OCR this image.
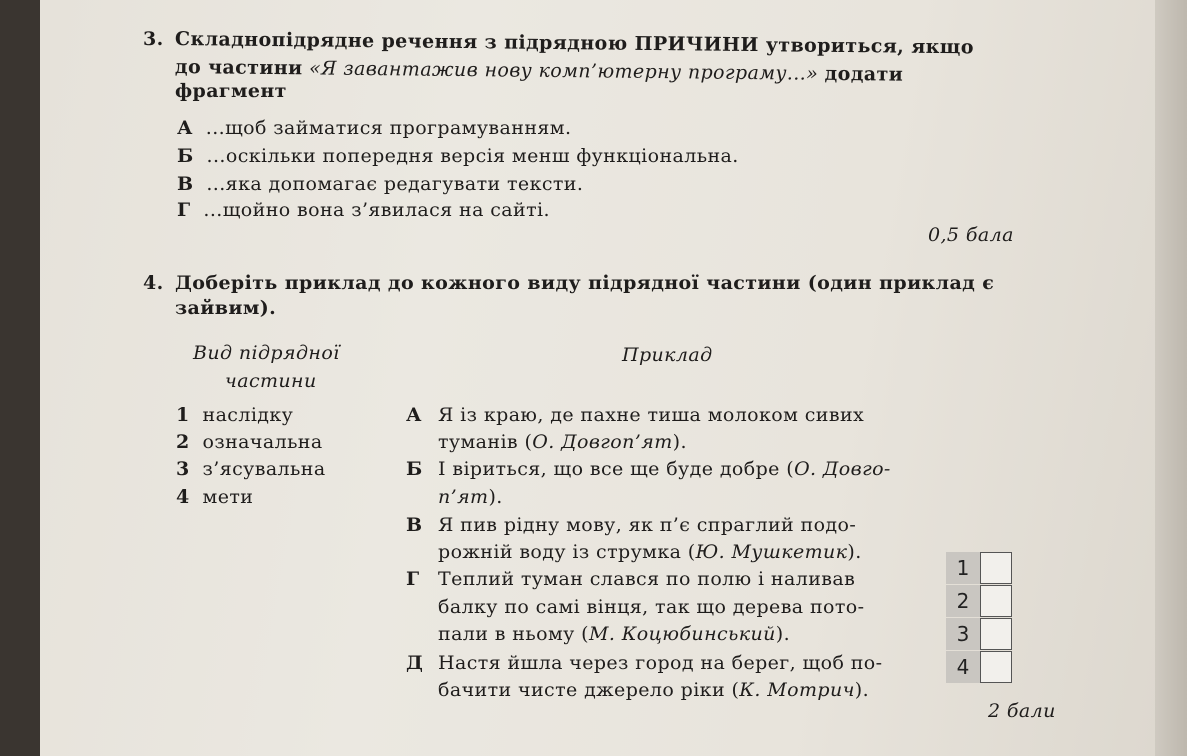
3. Складнопідрядне речення з підрядною ПРИЧИНИ утвориться, якщо
до частини «Я завантажив нову комп’ютерну програму...» додати
фрагмент
А ...щоб займатися програмуванням.
Б ...оскільки попередня версія менш функціональна.
В ...яка допомагає редагувати тексти.
Г ...щойно вона з’явилася на сайті.
0,5 бала
4. Доберіть приклад до кожного виду підрядної частини (один приклад є
зайвим).
Вид підрядної
частини
Приклад
1 наслідку
2 означальна
3 з’ясувальна
4 мети
А Я із краю, де пахне тиша молоком сивих
туманів (О. Довгоп’ят).
Б І віриться, що все ще буде добре (О. Довго-
п’ят).
В Я пив рідну мову, як п’є спраглий подо-
рожній воду із струмка (Ю. Мушкетик).
Г Теплий туман слався по полю і наливав
балку по самі вінця, так що дерева пото-
пали в ньому (М. Коцюбинський).
Д Настя йшла через город на берег, щоб по-
бачити чисте джерело ріки (К. Мотрич).
1
2
3
4
2 бали
